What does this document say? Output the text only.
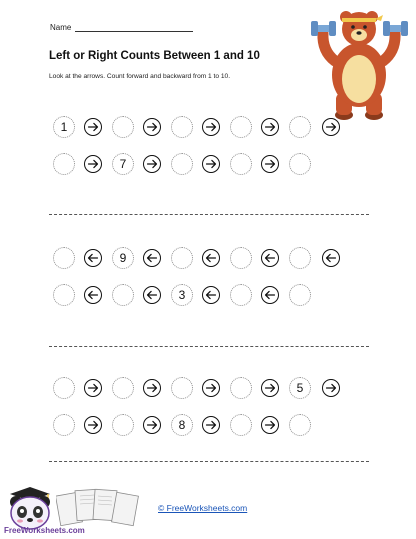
Name
Left or Right Counts Between 1 and 10
Look at the arrows. Count forward and backward from 1 to 10.
1
7
9
3
5
8
© FreeWorksheets.com
FreeWorksheets.com
